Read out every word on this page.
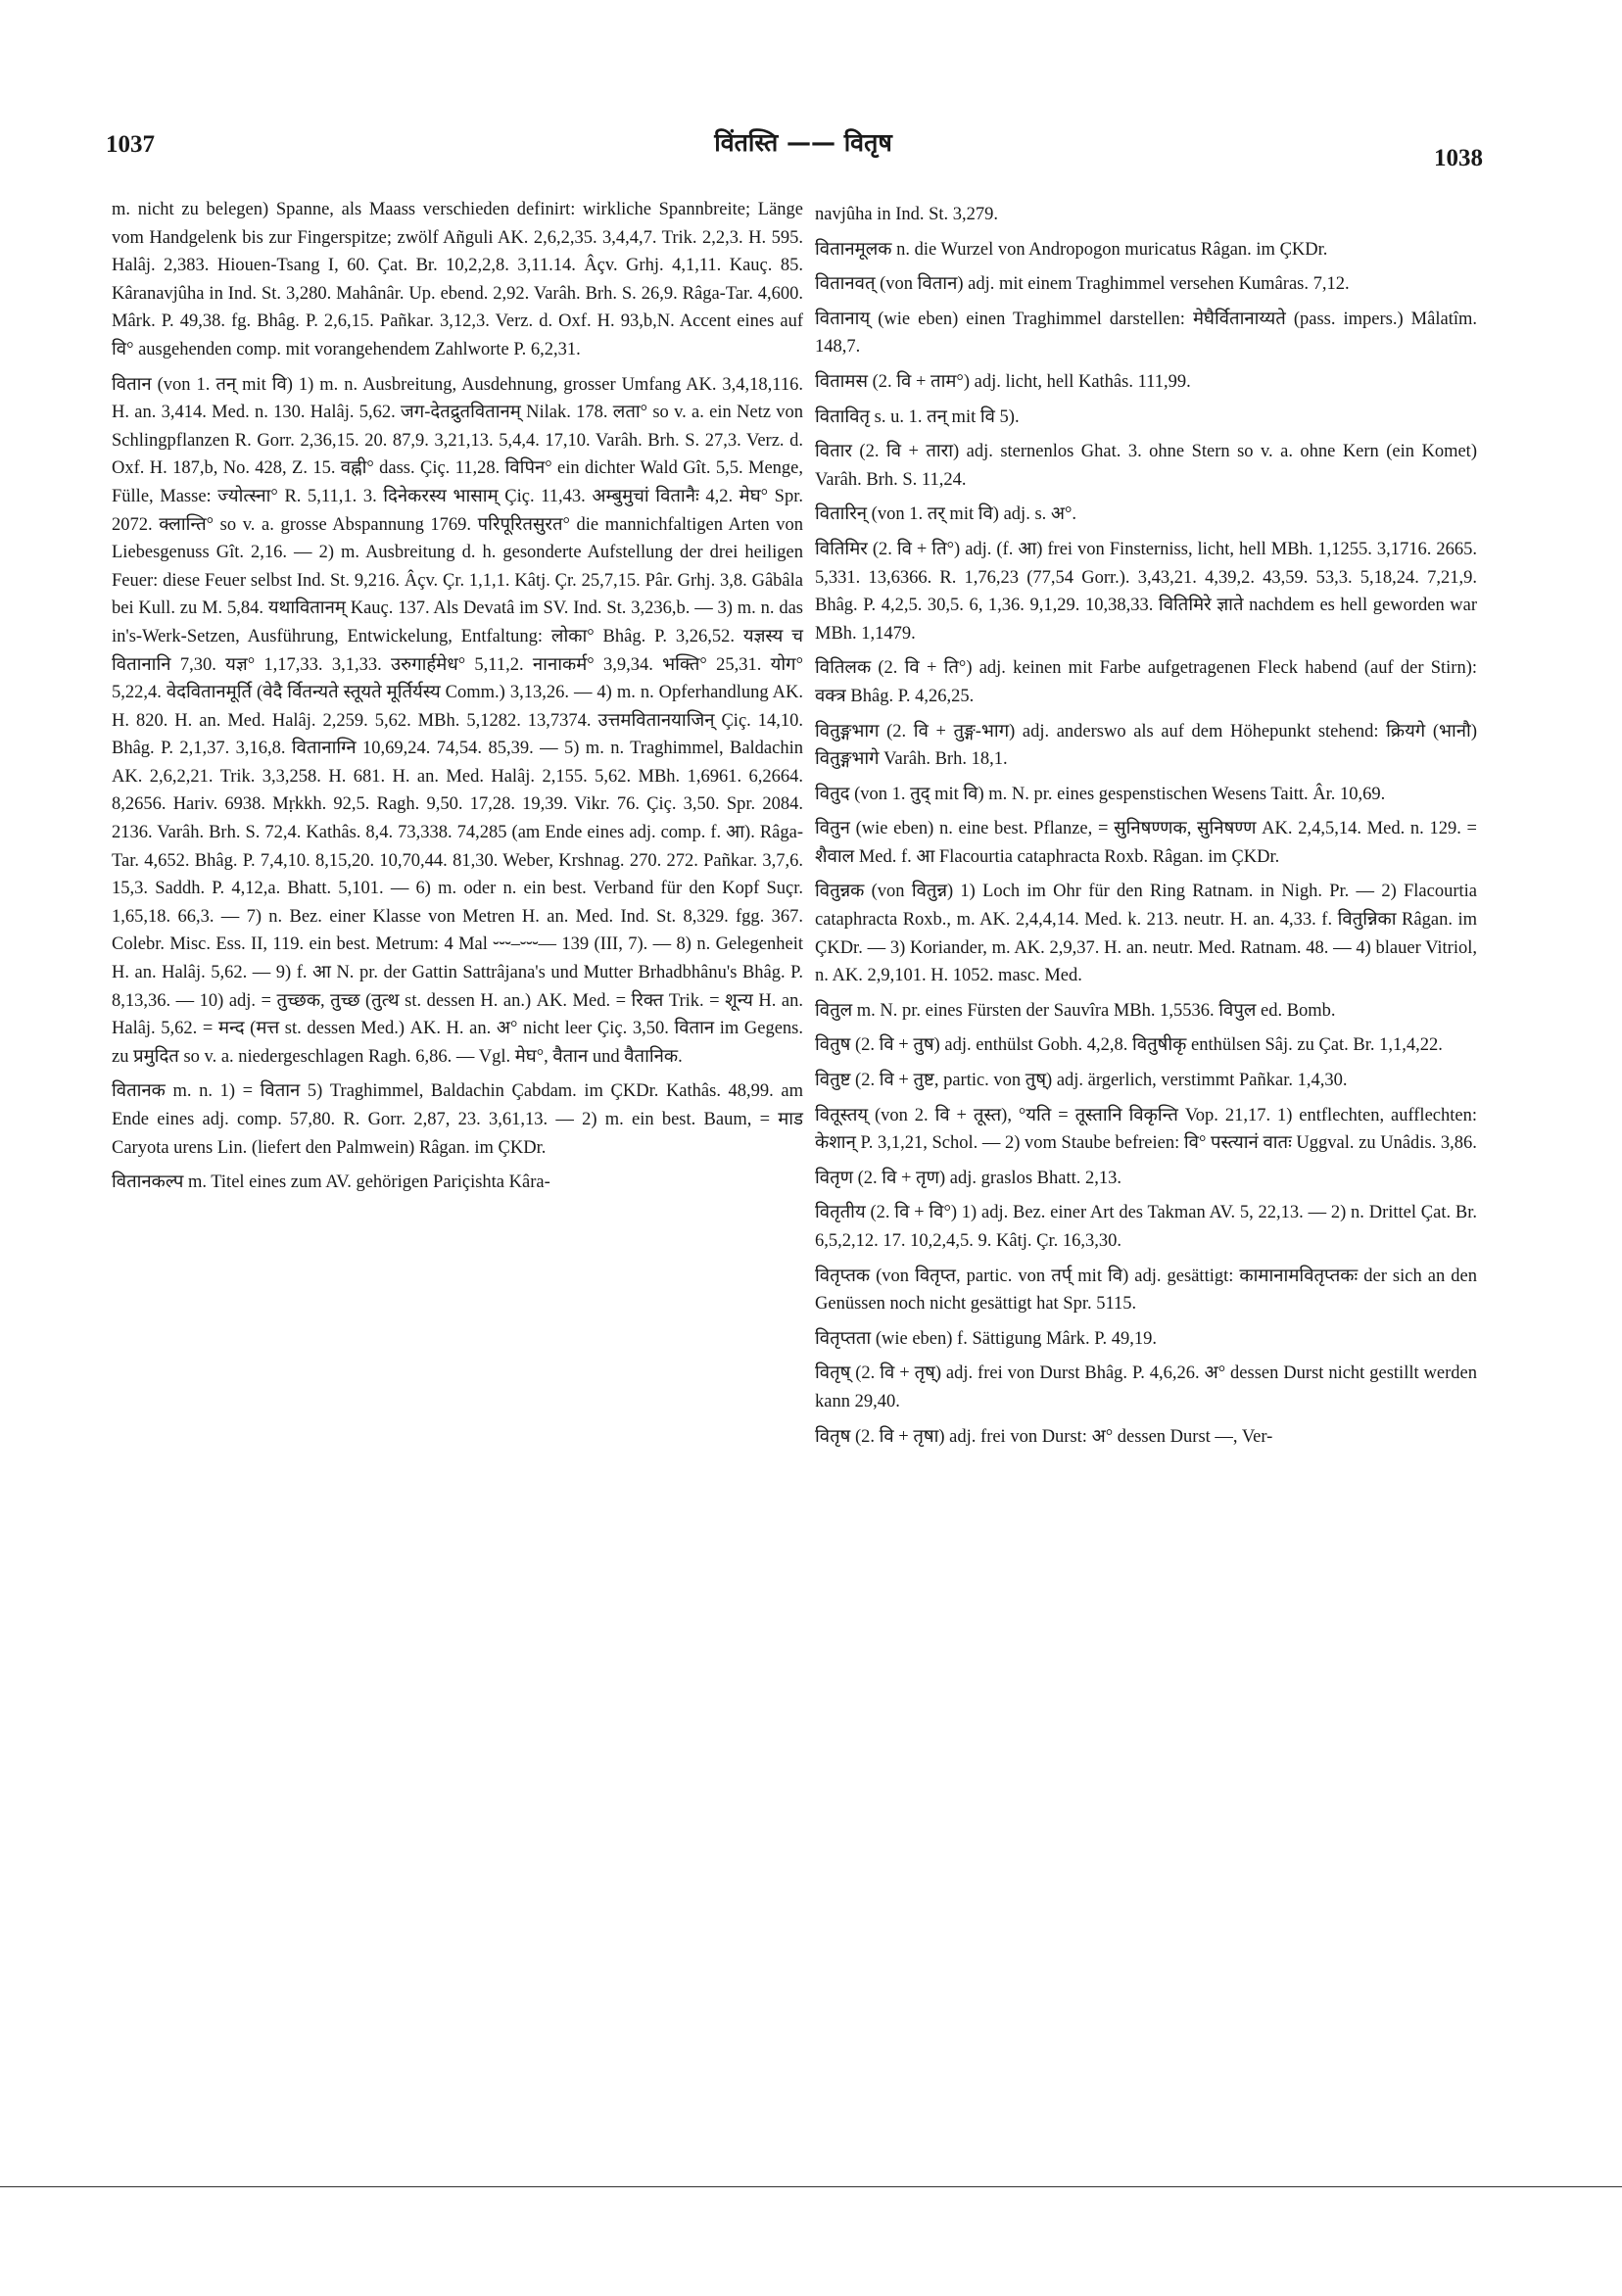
1037	विंतस्ति —— वितृष
1038

m. nicht zu belegen) Spanne, als Maass verschieden definirt: wirkliche Spannbreite; Länge vom Handgelenk bis zur Fingerspitze; zwölf Añguli AK. 2,6,2,35. 3,4,4,7. Trik. 2,2,3. H. 595. Halâj. 2,383. Hiouen-Tsang I, 60. Çat. Br. 10,2,2,8. 3,11.14. Âçv. Grhj. 4,1,11. Kauç. 85. Kâranavjûha in Ind. St. 3,280. Mahânâr. Up. ebend. 2,92. Varâh. Brh. S. 26,9. Râga-Tar. 4,600. Mârk. P. 49,38. fg. Bhâg. P. 2,6,15. Pañkar. 3,12,3. Verz. d. Oxf. H. 93,b,N. Accent eines auf वि° ausgehenden comp. mit vorangehendem Zahlworte P. 6,2,31.

वितान (von 1. तन् mit वि) 1) m. n. Ausbreitung, Ausdehnung, grosser Umfang AK. 3,4,18,116. H. an. 3,414. Med. n. 130. Halâj. 5,62. जग-देतद्रुतवितानम् Nilak. 178. लता° so v. a. ein Netz von Schlingpflanzen R. Gorr. 2,36,15. 20. 87,9. 3,21,13. 5,4,4. 17,10. Varâh. Brh. S. 27,3. Verz. d. Oxf. H. 187,b, No. 428, Z. 15. वह्नी° dass. Çiç. 11,28. विपिन° ein dichter Wald Gît. 5,5. Menge, Fülle, Masse: ज्योत्स्ना° R. 5,11,1. 3. दिनेकरस्य भासाम् Çiç. 11,43. अम्बुमुचां वितानैः 4,2. मेघ° Spr. 2072. क्लान्ति° so v. a. grosse Abspannung 1769. परिपूरितसुरत° die mannichfaltigen Arten von Liebesgenuss Gît. 2,16. — 2) m. Ausbreitung d. h. gesonderte Aufstellung der drei heiligen Feuer: diese Feuer selbst Ind. St. 9,216. Âçv. Çr. 1,1,1. Kâtj. Çr. 25,7,15. Pâr. Grhj. 3,8. Gâbâla bei Kull. zu M. 5,84. यथावितानम् Kauç. 137. Als Devatâ im SV. Ind. St. 3,236,b. — 3) m. n. das in's-Werk-Setzen, Ausführung, Entwickelung, Entfaltung: लोका° Bhâg. P. 3,26,52. यज्ञस्य च वितानानि 7,30. यज्ञ° 1,17,33. 3,1,33. उरुगार्हमेध° 5,11,2. नानाकर्म° 3,9,34. भक्ति° 25,31. योग° 5,22,4. वेदवितानमूर्ति (वेदै र्वितन्यते स्तूयते मूर्तिर्यस्य Comm.) 3,13,26. — 4) m. n. Opferhandlung AK. H. 820. H. an. Med. Halâj. 2,259. 5,62. MBh. 5,1282. 13,7374. उत्तमवितानयाजिन् Çiç. 14,10. Bhâg. P. 2,1,37. 3,16,8. वितानाग्नि 10,69,24. 74,54. 85,39. — 5) m. n. Traghimmel, Baldachin AK. 2,6,2,21. Trik. 3,3,258. H. 681. H. an. Med. Halâj. 2,155. 5,62. MBh. 1,6961. 6,2664. 8,2656. Hariv. 6938. Mṛkkh. 92,5. Ragh. 9,50. 17,28. 19,39. Vikr. 76. Çiç. 3,50. Spr. 2084. 2136. Varâh. Brh. S. 72,4. Kathâs. 8,4. 73,338. 74,285 (am Ende eines adj. comp. f. आ). Râga-Tar. 4,652. Bhâg. P. 7,4,10. 8,15,20. 10,70,44. 81,30. Weber, Krshnag. 270. 272. Pañkar. 3,7,6. 15,3. Saddh. P. 4,12,a. Bhatt. 5,101. — 6) m. oder n. ein best. Verband für den Kopf Suçr. 1,65,18. 66,3. — 7) n. Bez. einer Klasse von Metren H. an. Med. Ind. St. 8,329. fgg. 367. Colebr. Misc. Ess. II, 119. ein best. Metrum: 4 Mal ⏑⏑⏑–⏑⏑⏑–– 139 (III, 7). — 8) n. Gelegenheit H. an. Halâj. 5,62. — 9) f. आ N. pr. der Gattin Sattrâjana's und Mutter Brhadbhânu's Bhâg. P. 8,13,36. — 10) adj. = तुच्छक, तुच्छ (तुत्थ st. dessen H. an.) AK. Med. = रिक्त Trik. = शून्य H. an. Halâj. 5,62. = मन्द (मत्त st. dessen Med.) AK. H. an. अ° nicht leer Çiç. 3,50. वितान im Gegens. zu प्रमुदित so v. a. niedergeschlagen Ragh. 6,86. — Vgl. मेघ°, वैतान und वैतानिक.

वितानक m. n. 1) = वितान 5) Traghimmel, Baldachin Çabdam. im ÇKDr. Kathâs. 48,99. am Ende eines adj. comp. 57,80. R. Gorr. 2,87, 23. 3,61,13. — 2) m. ein best. Baum, = माड Caryota urens Lin. (liefert den Palmwein) Râgan. im ÇKDr.

वितानकल्प m. Titel eines zum AV. gehörigen Pariçishta Kâra-

navjûha in Ind. St. 3,279.

वितानमूलक n. die Wurzel von Andropogon muricatus Râgan. im ÇKDr.

वितानवत् (von वितान) adj. mit einem Traghimmel versehen Kumâras. 7,12.

वितानाय् (wie eben) einen Traghimmel darstellen: मेघैर्वितानाय्यते (pass. impers.) Mâlatîm. 148,7.

वितामस (2. वि + ताम°) adj. licht, hell Kathâs. 111,99.

वितावितृ s. u. 1. तन् mit वि 5).

वितार (2. वि + तारा) adj. sternenlos Ghat. 3. ohne Stern so v. a. ohne Kern (ein Komet) Varâh. Brh. S. 11,24.

वितारिन् (von 1. तर् mit वि) adj. s. अ°.

वितिमिर (2. वि + ति°) adj. (f. आ) frei von Finsterniss, licht, hell MBh. 1,1255. 3,1716. 2665. 5,331. 13,6366. R. 1,76,23 (77,54 Gorr.). 3,43,21. 4,39,2. 43,59. 53,3. 5,18,24. 7,21,9. Bhâg. P. 4,2,5. 30,5. 6, 1,36. 9,1,29. 10,38,33. वितिमिरे ज्ञाते nachdem es hell geworden war MBh. 1,1479.

वितिलक (2. वि + ति°) adj. keinen mit Farbe aufgetragenen Fleck habend (auf der Stirn): वक्त्र Bhâg. P. 4,26,25.

वितुङ्गभाग (2. वि + तुङ्ग-भाग) adj. anderswo als auf dem Höhepunkt stehend: क्रियगे (भानौ) वितुङ्गभागे Varâh. Brh. 18,1.

वितुद (von 1. तुद् mit वि) m. N. pr. eines gespenstischen Wesens Taitt. Âr. 10,69.

वितुन (wie eben) n. eine best. Pflanze, = सुनिषण्णक, सुनिषण्ण AK. 2,4,5,14. Med. n. 129. = शैवाल Med. f. आ Flacourtia cataphracta Roxb. Râgan. im ÇKDr.

वितुन्नक (von वितुन्न) 1) Loch im Ohr für den Ring Ratnam. in Nigh. Pr. — 2) Flacourtia cataphracta Roxb., m. AK. 2,4,4,14. Med. k. 213. neutr. H. an. 4,33. f. वितुन्निका Râgan. im ÇKDr. — 3) Koriander, m. AK. 2,9,37. H. an. neutr. Med. Ratnam. 48. — 4) blauer Vitriol, n. AK. 2,9,101. H. 1052. masc. Med.

वितुल m. N. pr. eines Fürsten der Sauvîra MBh. 1,5536. विपुल ed. Bomb.

वितुष (2. वि + तुष) adj. enthülst Gobh. 4,2,8. वितुषीकृ enthülsen Sâj. zu Çat. Br. 1,1,4,22.

वितुष्ट (2. वि + तुष्ट, partic. von तुष्) adj. ärgerlich, verstimmt Pañkar. 1,4,30.

वितूस्तय् (von 2. वि + तूस्त), °यति = तूस्तानि विकृन्ति Vop. 21,17. 1) entflechten, aufflechten: केशान् P. 3,1,21, Schol. — 2) vom Staube befreien: वि° पस्त्यानं वातः Uggval. zu Unâdis. 3,86.

वितृण (2. वि + तृण) adj. graslos Bhatt. 2,13.

वितृतीय (2. वि + वि°) 1) adj. Bez. einer Art des Takman AV. 5, 22,13. — 2) n. Drittel Çat. Br. 6,5,2,12. 17. 10,2,4,5. 9. Kâtj. Çr. 16,3,30.

वितृप्तक (von वितृप्त, partic. von तर्प् mit वि) adj. gesättigt: कामानामवितृप्तकः der sich an den Genüssen noch nicht gesättigt hat Spr. 5115.

वितृप्तता (wie eben) f. Sättigung Mârk. P. 49,19.

वितृष् (2. वि + तृष्) adj. frei von Durst Bhâg. P. 4,6,26. अ° dessen Durst nicht gestillt werden kann 29,40.

वितृष (2. वि + तृषा) adj. frei von Durst: अ° dessen Durst —, Ver-
